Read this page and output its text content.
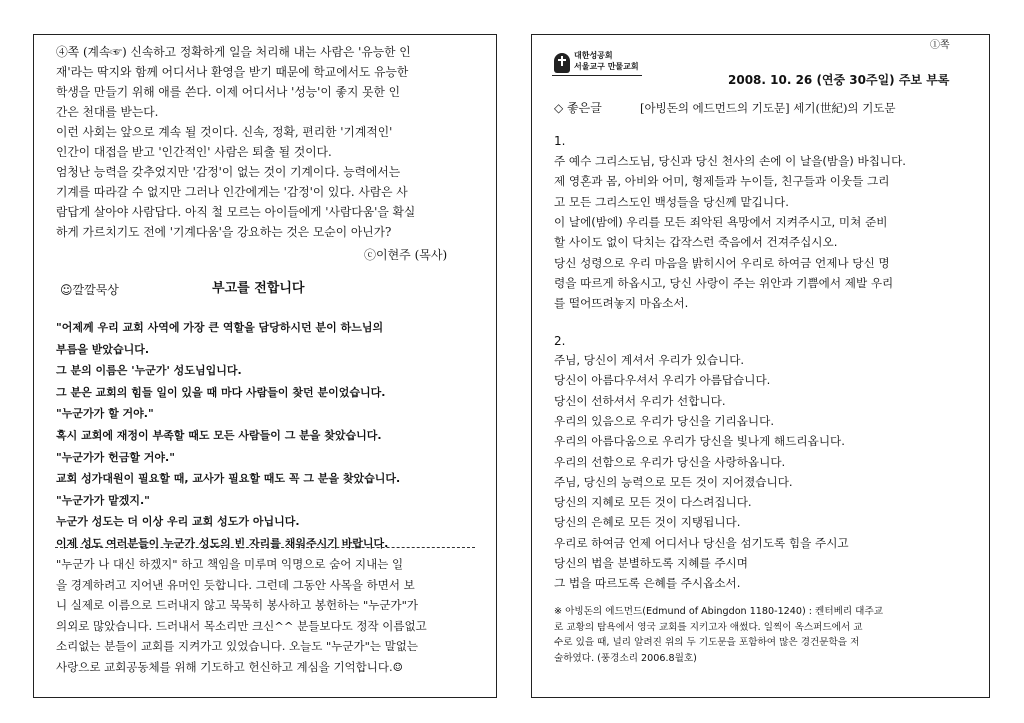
④쪽 (계속☞) 신속하고 정확하게 일을 처리해 내는 사람은 '유능한 인
재'라는 딱지와 함께 어디서나 환영을 받기 때문에 학교에서도 유능한
학생을 만들기 위해 애를 쓴다. 이제 어디서나 '성능'이 좋지 못한 인
간은 천대를 받는다.
이런 사회는 앞으로 계속 될 것이다. 신속, 정확, 편리한 '기계적인'
인간이 대접을 받고 '인간적인' 사람은 퇴출 될 것이다.
엄청난 능력을 갖추었지만 '감정'이 없는 것이 기계이다. 능력에서는
기계를 따라갈 수 없지만 그러나 인간에게는 '감정'이 있다. 사람은 사
람답게 살아야 사람답다. 아직 철 모르는 아이들에게 '사람다움'을 확실
하게 가르치기도 전에 '기계다움'을 강요하는 것은 모순이 아닌가?
ⓒ이현주 (목사)
☺깔깔묵상	부고를 전합니다
"어제께 우리 교회 사역에 가장 큰 역할을 담당하시던 분이 하느님의
부름을 받았습니다.
그 분의 이름은 '누군가' 성도님입니다.
그 분은 교회의 힘들 일이 있을 때 마다 사람들이 찾던 분이었습니다.
"누군가가 할 거야."
혹시 교회에 재정이 부족할 때도 모든 사람들이 그 분을 찾았습니다.
"누군가가 헌금할 거야."
교회 성가대원이 필요할 때, 교사가 필요할 때도 꼭 그 분을 찾았습니다.
"누군가가 맡겠지."
누군가 성도는 더 이상 우리 교회 성도가 아닙니다.
이제 성도 여러분들이 누군가 성도의 빈 자리를 채워주시기 바랍니다.
"누군가 나 대신 하겠지" 하고 책임을 미루며 익명으로 숨어 지내는 일
을 경계하려고 지어낸 유머인 듯합니다. 그런데 그동안 사목을 하면서 보
니 실제로 이름으로 드러내지 않고 묵묵히 봉사하고 봉헌하는 "누군가"가
의외로 많았습니다. 드러내서 목소리만 크신^^ 분들보다도 정작 이름없고
소리없는 분들이 교회를 지켜가고 있었습니다. 오늘도 "누군가"는 말없는
사랑으로 교회공동체를 위해 기도하고 헌신하고 계심을 기억합니다.☺
①쪽
대한성공회
서울교구 만물교회
2008. 10. 26 (연중 30주일) 주보 부록
◇ 좋은글	[아빙돈의 에드먼드의 기도문] 세기(世紀)의 기도문
1.
주 예수 그리스도님, 당신과 당신 천사의 손에 이 날을(밤을) 바칩니다.
제 영혼과 몸, 아비와 어미, 형제들과 누이들, 친구들과 이웃들 그리
고 모든 그리스도인 백성들을 당신께 맡깁니다.
이 날에(밤에) 우리를 모든 죄악된 욕망에서 지켜주시고, 미쳐 준비
할 사이도 없이 닥치는 갑작스런 죽음에서 건져주십시오.
당신 성령으로 우리 마음을 밝히시어 우리로 하여금 언제나 당신 명
령을 따르게 하옵시고, 당신 사랑이 주는 위안과 기쁨에서 제발 우리
를 떨어뜨려놓지 마옵소서.
2.
주님, 당신이 계셔서 우리가 있습니다.
당신이 아름다우셔서 우리가 아름답습니다.
당신이 선하셔서 우리가 선합니다.
우리의 있음으로 우리가 당신을 기리옵니다.
우리의 아름다움으로 우리가 당신을 빛나게 해드리옵니다.
우리의 선함으로 우리가 당신을 사랑하옵니다.
주님, 당신의 능력으로 모든 것이 지어졌습니다.
당신의 지혜로 모든 것이 다스려집니다.
당신의 은혜로 모든 것이 지탱됩니다.
우리로 하여금 언제 어디서나 당신을 섬기도록 힘을 주시고
당신의 법을 분별하도록 지혜를 주시며
그 법을 따르도록 은혜를 주시옵소서.
※ 아빙돈의 에드먼드(Edmund of Abingdon 1180-1240) : 켄터베리 대주교
로 교황의 탐욕에서 영국 교회를 지키고자 애썼다. 일찍이 옥스퍼드에서 교
수로 있을 때, 널리 알려진 위의 두 기도문을 포함하여 많은 경건문학을 저
술하였다. (풍경소리 2006.8월호)
